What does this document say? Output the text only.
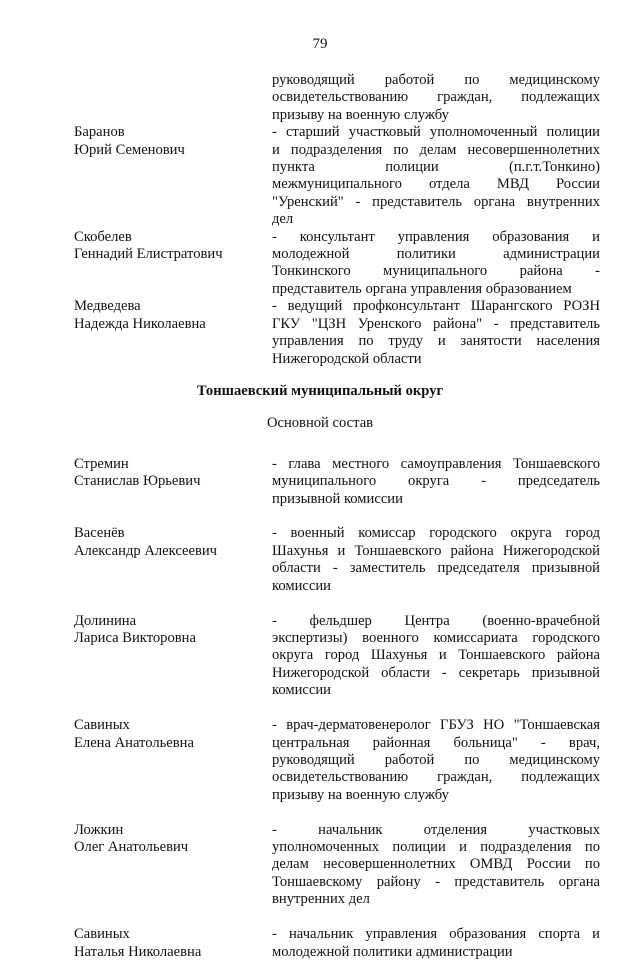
79
руководящий работой по медицинскому
освидетельствованию граждан, подлежащих
призыву на военную службу
Баранов
Юрий Семенович
- старший участковый уполномоченный полиции
и подразделения по делам несовершеннолетних
пункта полиции (п.г.т.Тонкино)
межмуниципального отдела МВД России
"Уренский" - представитель органа внутренних
дел
Скобелев
Геннадий Елистратович
- консультант управления образования и
молодежной политики администрации
Тонкинского муниципального района -
представитель органа управления образованием
Медведева
Надежда Николаевна
- ведущий профконсультант Шарангского РОЗН
ГКУ "ЦЗН Уренского района" - представитель
управления по труду и занятости населения
Нижегородской области
Тоншаевский муниципальный округ
Основной состав
Стремин
Станислав Юрьевич
- глава местного самоуправления Тоншаевского
муниципального округа - председатель
призывной комиссии
Васенёв
Александр Алексеевич
- военный комиссар городского округа город
Шахунья и Тоншаевского района Нижегородской
области - заместитель председателя призывной
комиссии
Долинина
Лариса Викторовна
- фельдшер Центра (военно-врачебной
экспертизы) военного комиссариата городского
округа город Шахунья и Тоншаевского района
Нижегородской области - секретарь призывной
комиссии
Савиных
Елена Анатольевна
- врач-дерматовенеролог ГБУЗ НО "Тоншаевская
центральная районная больница" - врач,
руководящий работой по медицинскому
освидетельствованию граждан, подлежащих
призыву на военную службу
Ложкин
Олег Анатольевич
- начальник отделения участковых
уполномоченных полиции и подразделения по
делам несовершеннолетних ОМВД России по
Тоншаевскому району - представитель органа
внутренних дел
Савиных
Наталья Николаевна
- начальник управления образования спорта и
молодежной политики администрации
